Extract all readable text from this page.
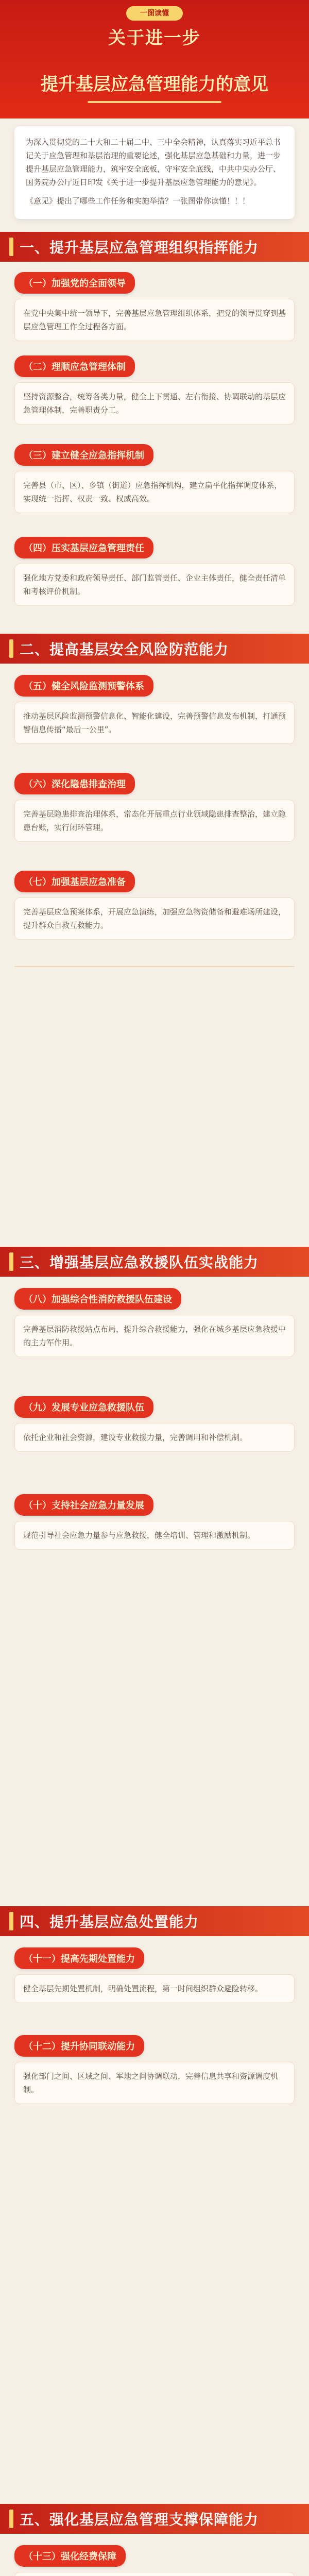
一图读懂
关于进一步
提升基层应急管理能力的意见

为深入贯彻党的二十大和二十届二中、三中全会精神，认真落实习近平总书记关于应急管理和基层治理的重要论述，强化基层应急基础和力量，进一步提升基层应急管理能力，筑牢安全底板，守牢安全底线，中共中央办公厅、国务院办公厅近日印发《关于进一步提升基层应急管理能力的意见》。

《意见》提出了哪些工作任务和实施举措？一张图带你读懂！！！

一、提升基层应急管理组织指挥能力
（一）加强党的全面领导
在党中央集中统一领导下，完善基层应急管理组织体系，把党的领导贯穿到基层应急管理工作全过程各方面。
（二）理顺应急管理体制
坚持资源整合，统筹各类力量，健全上下贯通、左右衔接、协调联动的基层应急管理体制，完善职责分工。
（三）建立健全应急指挥机制
完善县（市、区）、乡镇（街道）应急指挥机构，建立扁平化指挥调度体系，实现统一指挥、权责一致、权威高效。
（四）压实基层应急管理责任
强化地方党委和政府领导责任、部门监管责任、企业主体责任，健全责任清单和考核评价机制。
二、提高基层安全风险防范能力
（五）健全风险监测预警体系
推动基层风险监测预警信息化、智能化建设，完善预警信息发布机制，打通预警信息传播“最后一公里”。
（六）深化隐患排查治理
完善基层隐患排查治理体系，常态化开展重点行业领域隐患排查整治，建立隐患台账，实行闭环管理。
（七）加强基层应急准备
完善基层应急预案体系，开展应急演练，加强应急物资储备和避难场所建设，提升群众自救互救能力。
三、增强基层应急救援队伍实战能力
（八）加强综合性消防救援队伍建设
完善基层消防救援站点布局，提升综合救援能力，强化在城乡基层应急救援中的主力军作用。
（九）发展专业应急救援队伍
依托企业和社会资源，建设专业救援力量，完善调用和补偿机制。
（十）支持社会应急力量发展
规范引导社会应急力量参与应急救援，健全培训、管理和激励机制。
四、提升基层应急处置能力
（十一）提高先期处置能力
健全基层先期处置机制，明确处置流程，第一时间组织群众避险转移。
（十二）提升协同联动能力
强化部门之间、区域之间、军地之间协调联动，完善信息共享和资源调度机制。
五、强化基层应急管理支撑保障能力
（十三）强化经费保障
